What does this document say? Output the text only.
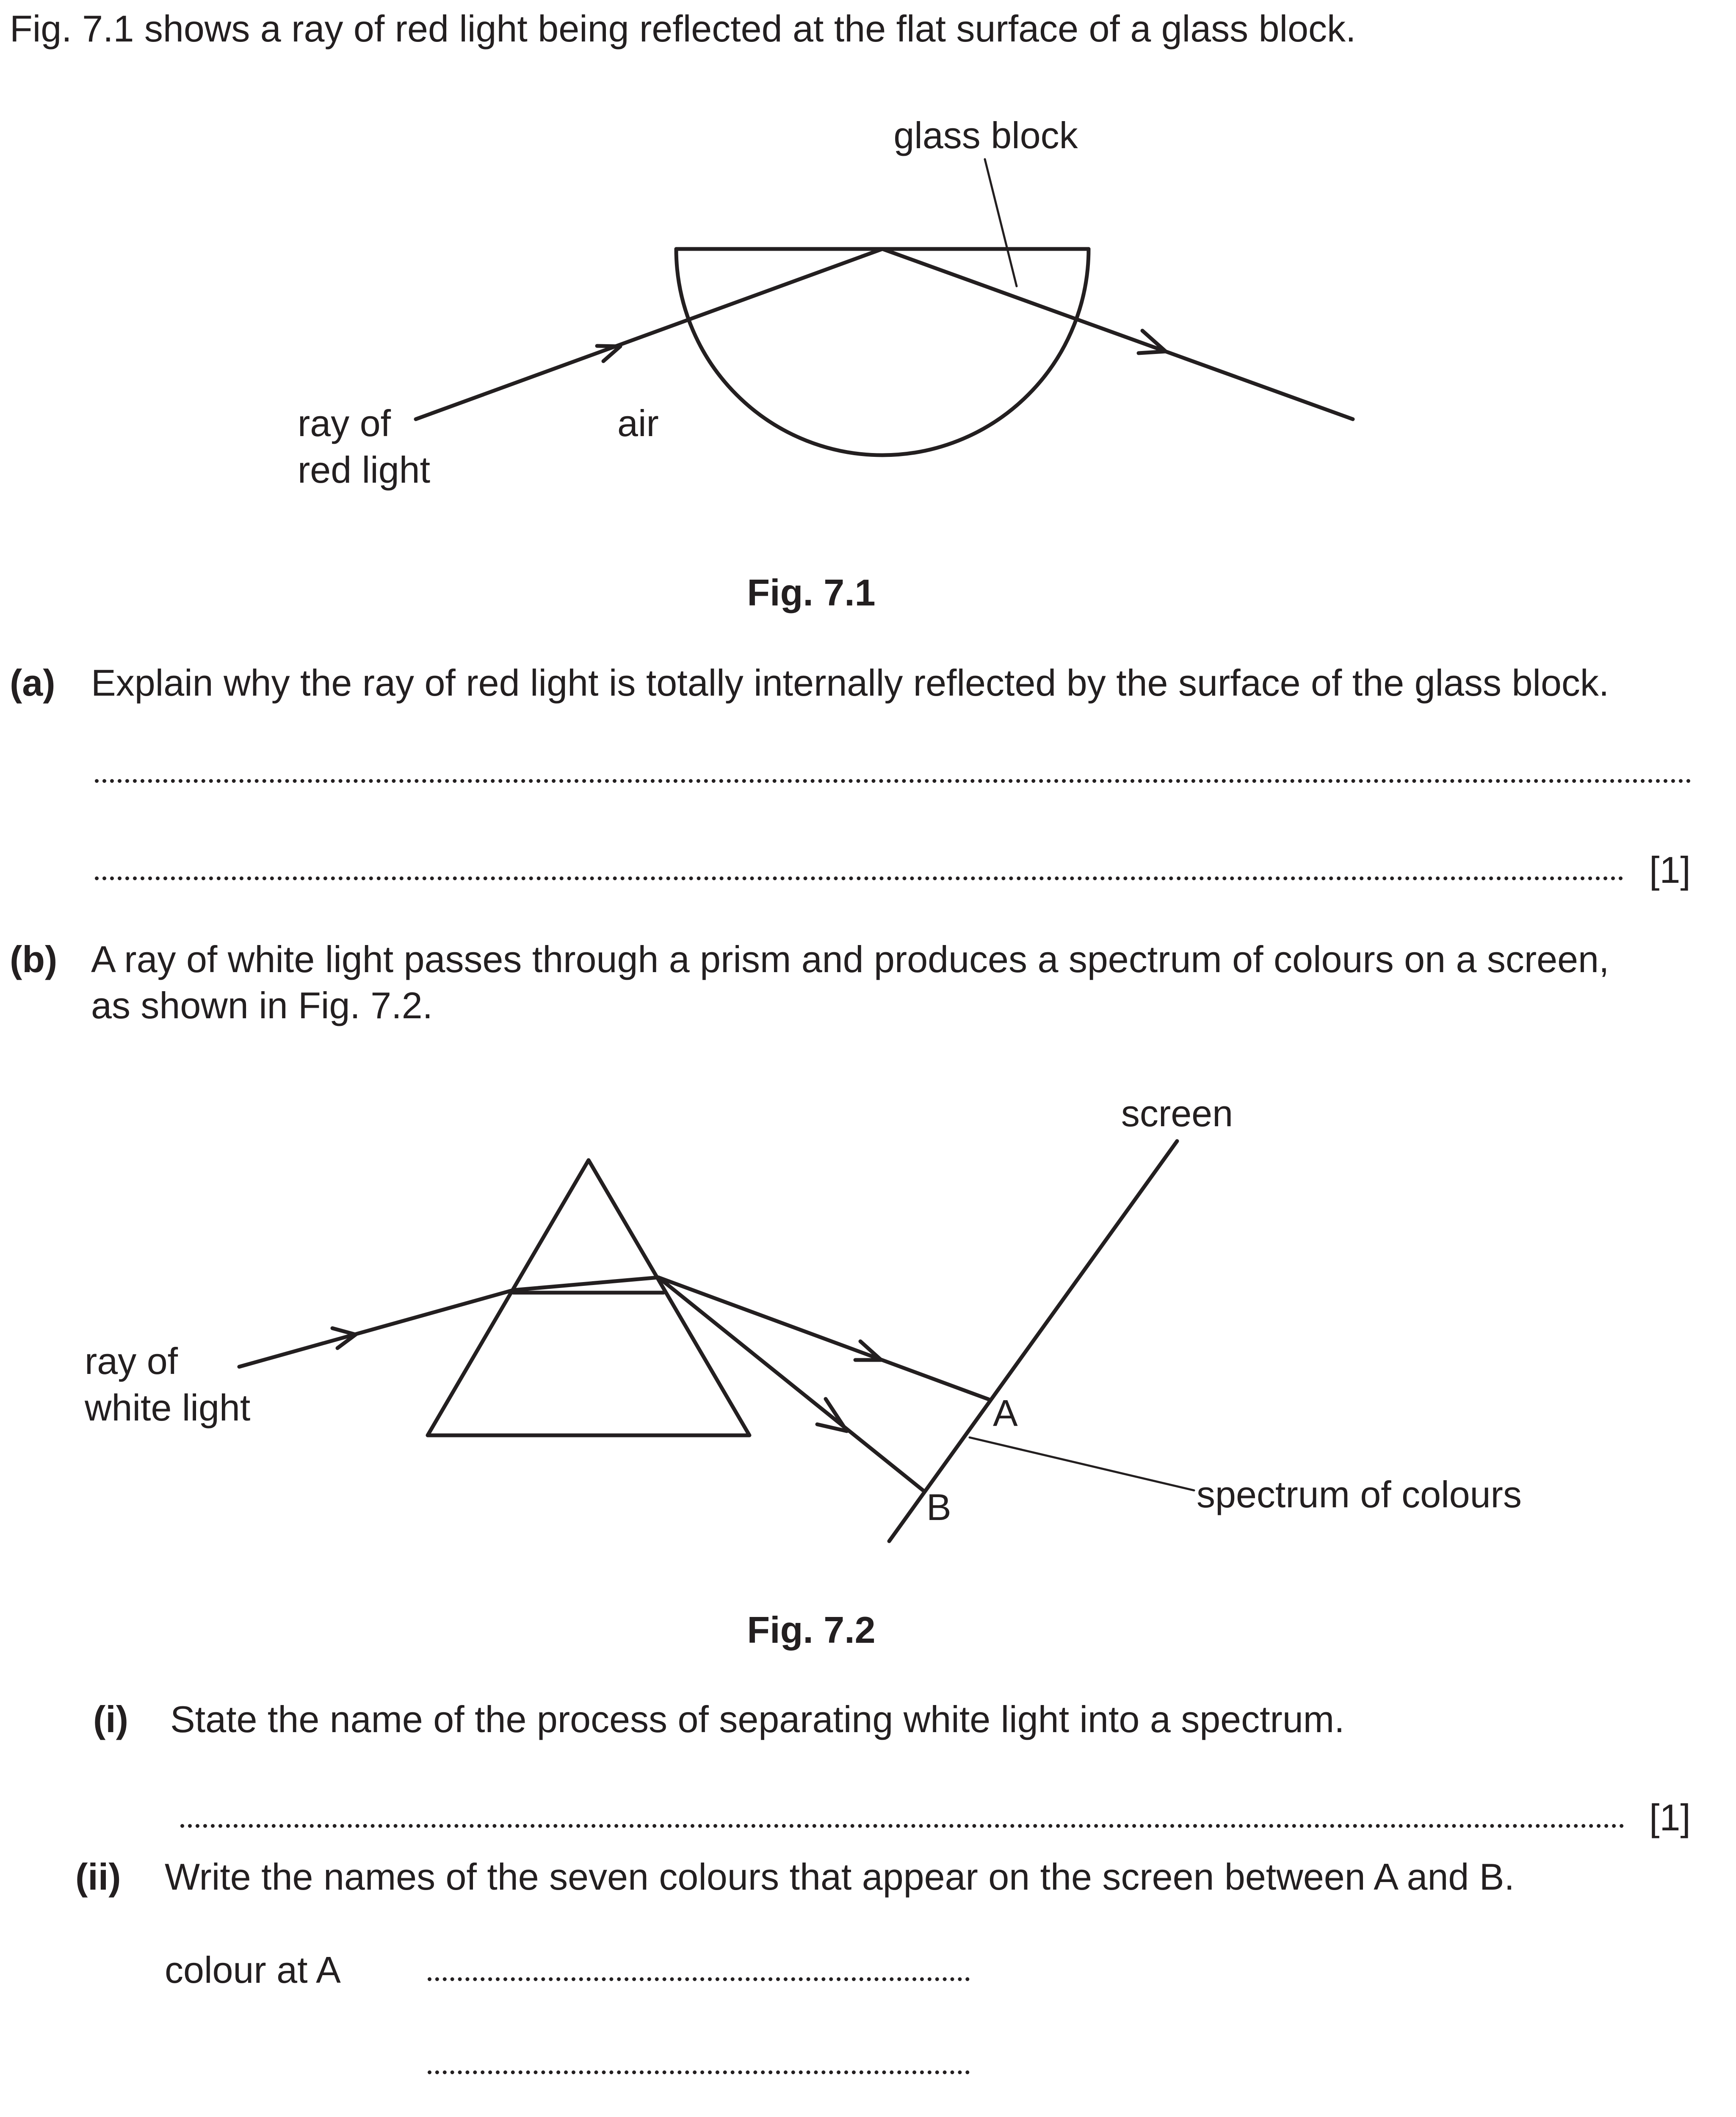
Fig. 7.1 shows a ray of red light being reflected at the flat surface of a glass block.

glass block
air
ray of
red light
Fig. 7.1

(a) Explain why the ray of red light is totally internally reflected by the surface of the glass block.

[1]

(b) A ray of white light passes through a prism and produces a spectrum of colours on a screen,

as shown in Fig. 7.2.

screen
ray of
white light	A
B	spectrum of colours
Fig. 7.2

(i) State the name of the process of separating white light into a spectrum.

[1]

(ii) Write the names of the seven colours that appear on the screen between A and B.

colour at A
